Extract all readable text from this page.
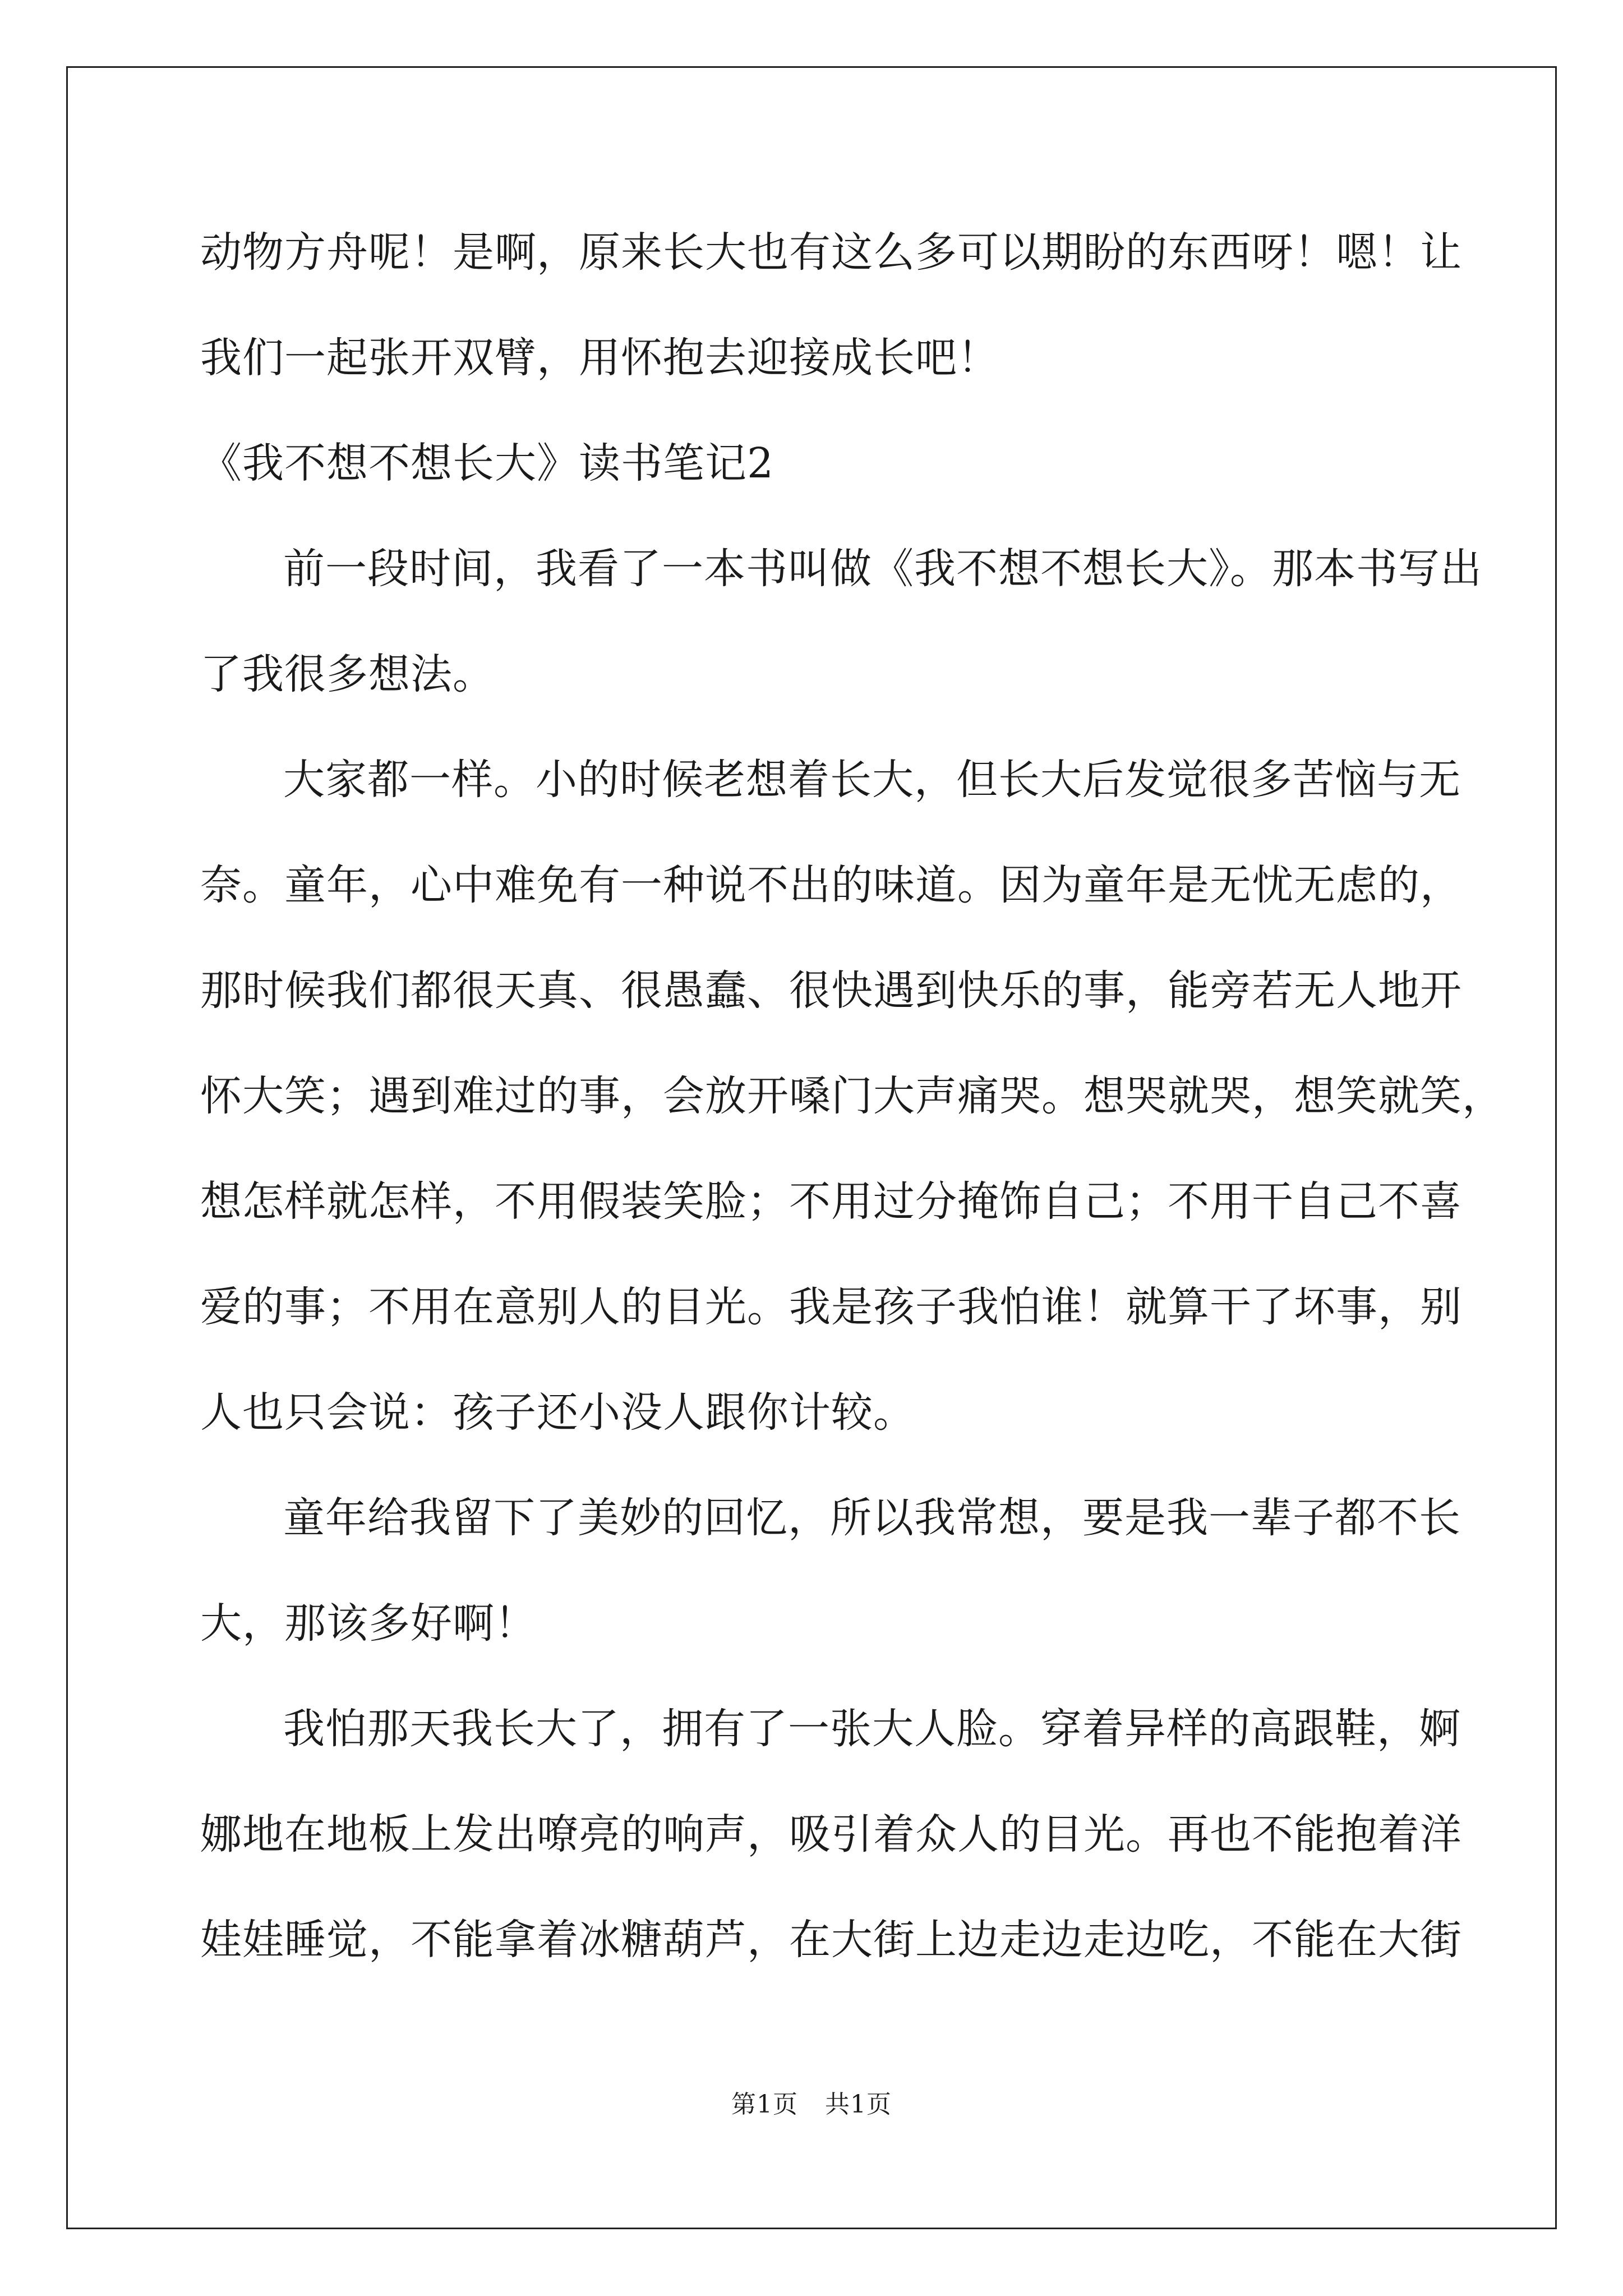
动物方舟呢！是啊，原来长大也有这么多可以期盼的东西呀！嗯！让
我们一起张开双臂，用怀抱去迎接成长吧！
《我不想不想长大》读书笔记2
前一段时间，我看了一本书叫做《我不想不想长大》。那本书写出
了我很多想法。
大家都一样。小的时候老想着长大，但长大后发觉很多苦恼与无
奈。童年，心中难免有一种说不出的味道。因为童年是无忧无虑的，
那时候我们都很天真、很愚蠢、很快遇到快乐的事，能旁若无人地开
怀大笑；遇到难过的事，会放开嗓门大声痛哭。想哭就哭，想笑就笑，
想怎样就怎样，不用假装笑脸；不用过分掩饰自己；不用干自己不喜
爱的事；不用在意别人的目光。我是孩子我怕谁！就算干了坏事，别
人也只会说：孩子还小没人跟你计较。
童年给我留下了美妙的回忆，所以我常想，要是我一辈子都不长
大，那该多好啊！
我怕那天我长大了，拥有了一张大人脸。穿着异样的高跟鞋，婀
娜地在地板上发出嘹亮的响声，吸引着众人的目光。再也不能抱着洋
娃娃睡觉，不能拿着冰糖葫芦，在大街上边走边走边吃，不能在大街
第1页 共1页
